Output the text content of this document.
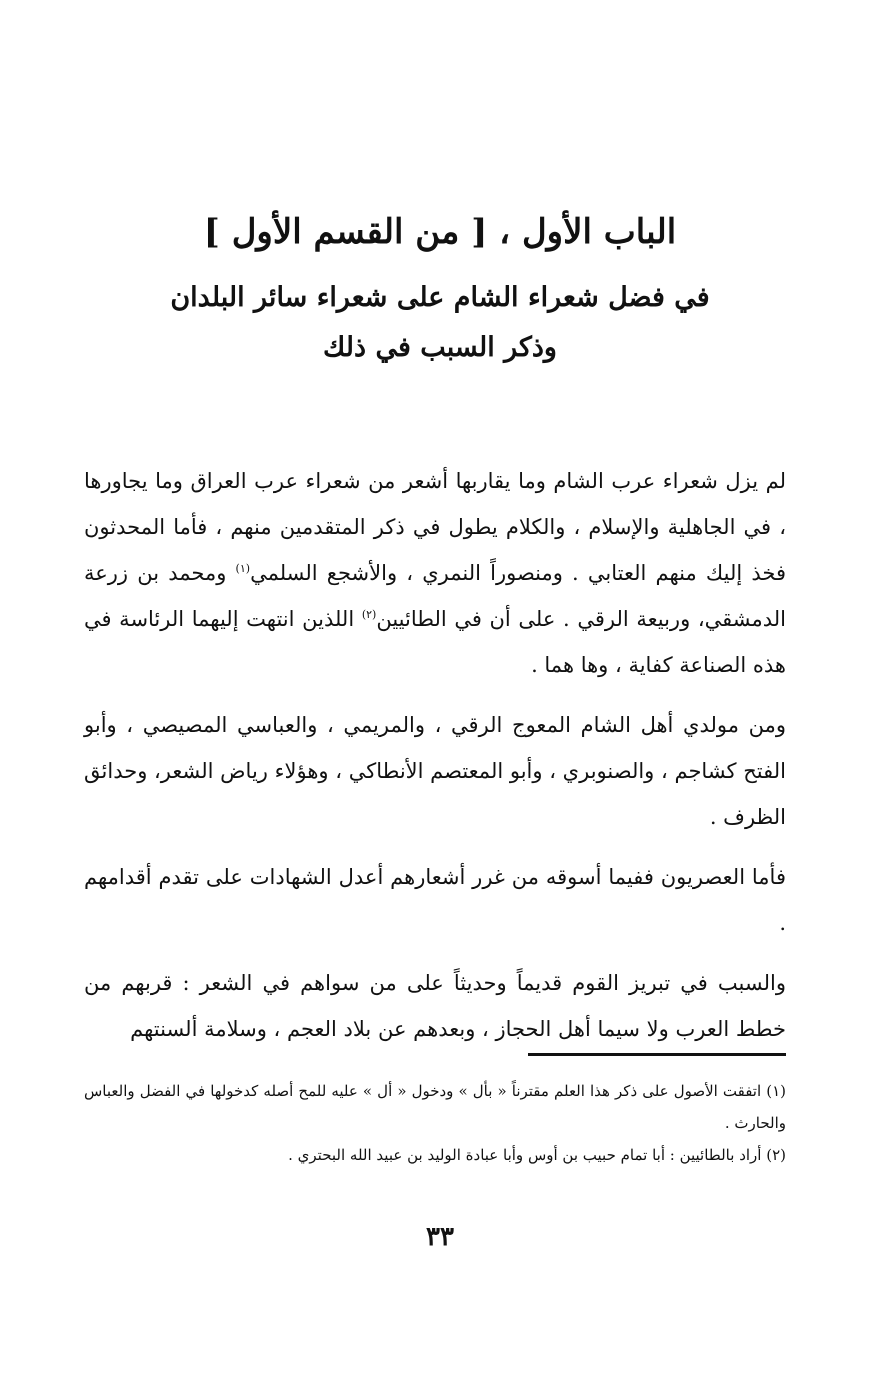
الباب الأول ، [ من القسم الأول ]
في فضل شعراء الشام على شعراء سائر البلدان
وذكر السبب في ذلك

لم يزل شعراء عرب الشام وما يقاربها أشعر من شعراء عرب العراق وما يجاورها ، في الجاهلية والإسلام ، والكلام يطول في ذكر المتقدمين منهم ، فأما المحدثون فخذ إليك منهم العتابي . ومنصوراً النمري ، والأشجع السلمي$^{(١)}$ ومحمد بن زرعة الدمشقي، وربيعة الرقي . على أن في الطائيين$^{(٢)}$ اللذين انتهت إليهما الرئاسة في هذه الصناعة كفاية ، وها هما .

ومن مولدي أهل الشام المعوج الرقي ، والمريمي ، والعباسي المصيصي ، وأبو الفتح كشاجم ، والصنوبري ، وأبو المعتصم الأنطاكي ، وهؤلاء رياض الشعر، وحدائق الظرف .

فأما العصريون ففيما أسوقه من غرر أشعارهم أعدل الشهادات على تقدم أقدامهم .

والسبب في تبريز القوم قديماً وحديثاً على من سواهم في الشعر : قربهم من خطط العرب ولا سيما أهل الحجاز ، وبعدهم عن بلاد العجم ، وسلامة ألسنتهم

(١) اتفقت الأصول على ذكر هذا العلم مقترناً « بأل » ودخول « أل » عليه للمح أصله كدخولها في الفضل والعباس والحارث .

(٢) أراد بالطائيين : أبا تمام حبيب بن أوس وأبا عبادة الوليد بن عبيد الله البحتري .

٣٣
